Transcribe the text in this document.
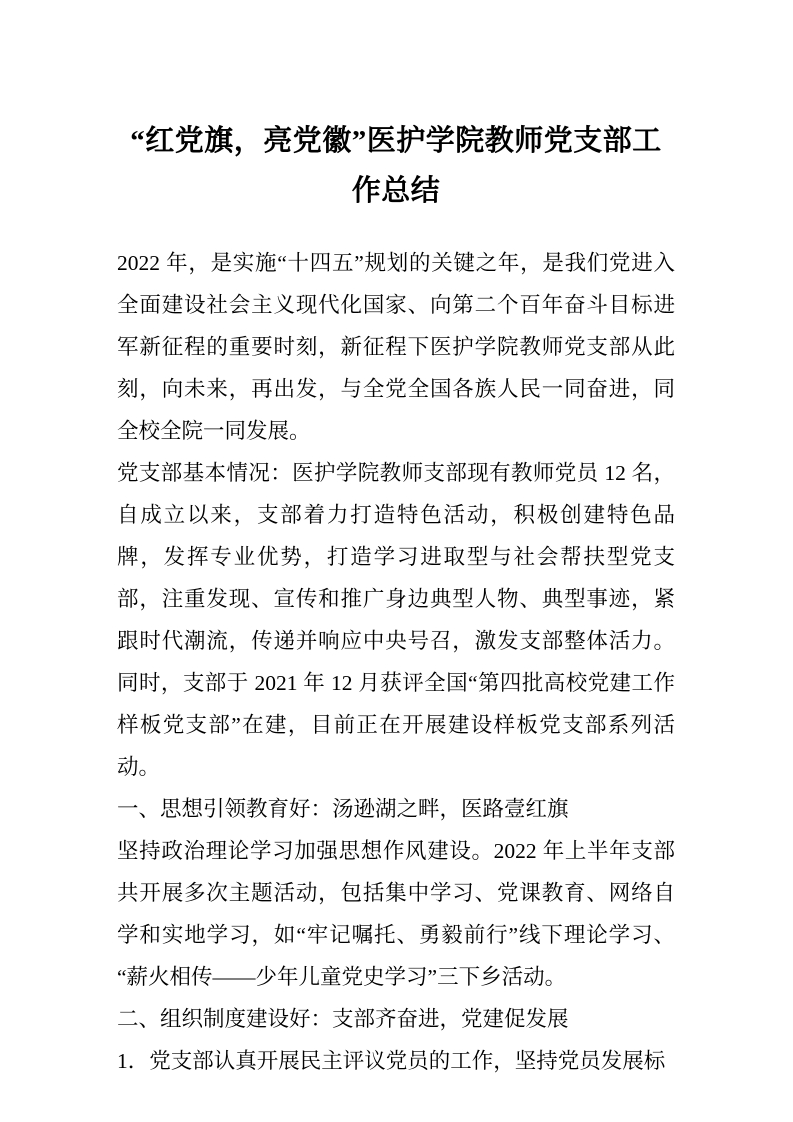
“红党旗，亮党徽”医护学院教师党支部工作总结
2022 年，是实施“十四五”规划的关键之年，是我们党进入全面建设社会主义现代化国家、向第二个百年奋斗目标进军新征程的重要时刻，新征程下医护学院教师党支部从此刻，向未来，再出发，与全党全国各族人民一同奋进，同全校全院一同发展。
党支部基本情况：医护学院教师支部现有教师党员 12 名，自成立以来，支部着力打造特色活动，积极创建特色品牌，发挥专业优势，打造学习进取型与社会帮扶型党支部，注重发现、宣传和推广身边典型人物、典型事迹，紧跟时代潮流，传递并响应中央号召，激发支部整体活力。同时，支部于 2021 年 12 月获评全国“第四批高校党建工作样板党支部”在建，目前正在开展建设样板党支部系列活动。
一、思想引领教育好：汤逊湖之畔，医路壹红旗
坚持政治理论学习加强思想作风建设。2022 年上半年支部共开展多次主题活动，包括集中学习、党课教育、网络自学和实地学习，如“牢记嘱托、勇毅前行”线下理论学习、“薪火相传——少年儿童党史学习”三下乡活动。
二、组织制度建设好：支部齐奋进，党建促发展
1．党支部认真开展民主评议党员的工作，坚持党员发展标
